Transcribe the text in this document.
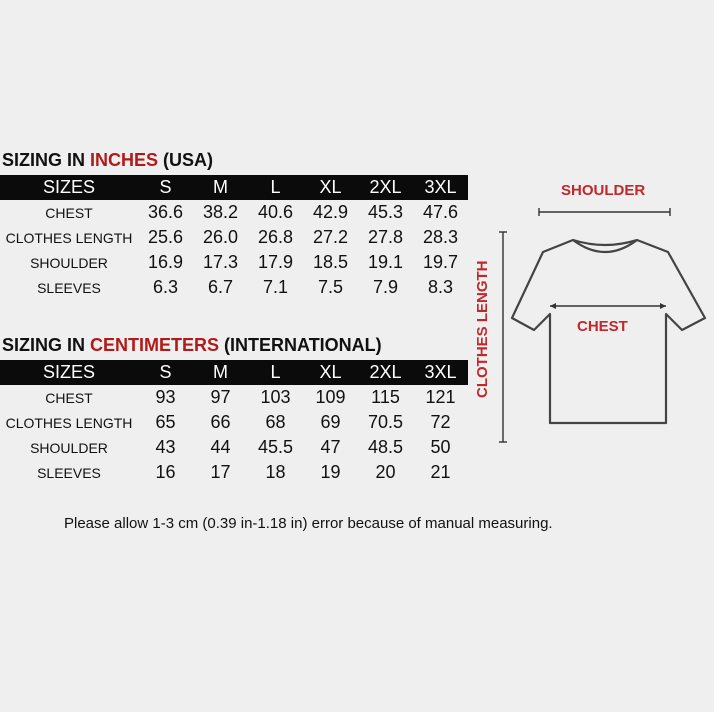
SIZING IN INCHES (USA)
SIZES	S	M	L	XL	2XL	3XL
CHEST	36.6	38.2	40.6	42.9	45.3	47.6
CLOTHES LENGTH	25.6	26.0	26.8	27.2	27.8	28.3
SHOULDER	16.9	17.3	17.9	18.5	19.1	19.7
SLEEVES	6.3	6.7	7.1	7.5	7.9	8.3
SIZING IN CENTIMETERS (INTERNATIONAL)
SIZES	S	M	L	XL	2XL	3XL
CHEST	93	97	103	109	115	121
CLOTHES LENGTH	65	66	68	69	70.5	72
SHOULDER	43	44	45.5	47	48.5	50
SLEEVES	16	17	18	19	20	21
SHOULDER
CHEST
CLOTHES LENGTH
Please allow 1-3 cm (0.39 in-1.18 in) error because of manual measuring.
